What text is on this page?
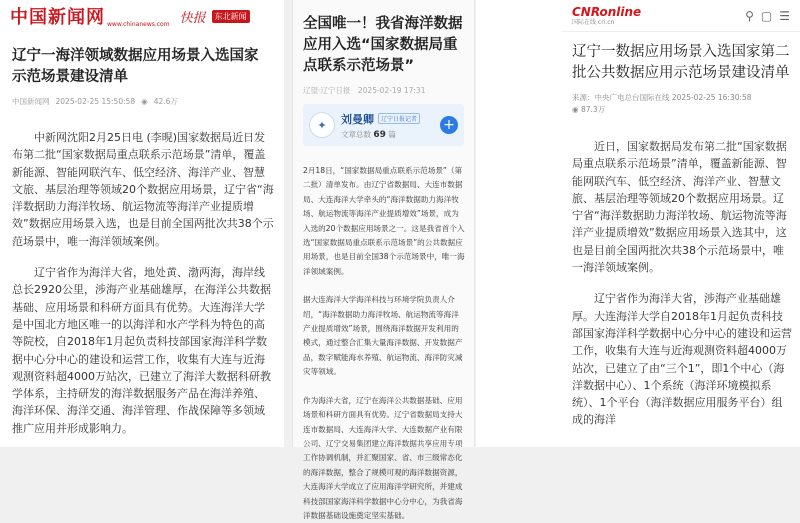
中国新闻网 www.chinanews.com 快报	东北新闻
辽宁一海洋领域数据应用场景入选国家示范场景建设清单
中国新闻网 2025-02-25 15:50:58 ◉ 42.6万

中新网沈阳2月25日电 (李晛)国家数据局近日发布第二批“国家数据局重点联系示范场景”清单，覆盖新能源、智能网联汽车、低空经济、海洋产业、智慧文旅、基层治理等领域20个数据应用场景，辽宁省“海洋数据助力海洋牧场、航运物流等海洋产业提质增效”数据应用场景入选，也是目前全国两批次共38个示范场景中，唯一海洋领域案例。

辽宁省作为海洋大省，地处黄、渤两海，海岸线总长2920公里，涉海产业基础雄厚，在海洋公共数据基础、应用场景和科研方面具有优势。大连海洋大学是中国北方地区唯一的以海洋和水产学科为特色的高等院校，自2018年1月起负责科技部国家海洋科学数据中心分中心的建设和运营工作，收集有大连与近海观测资料超4000万站次，已建立了海洋大数据科研教学体系，主持研发的海洋数据服务产品在海洋养殖、海洋环保、海洋交通、海洋管理、作战保障等多领域推广应用并形成影响力。

全国唯一！我省海洋数据应用入选“国家数据局重点联系示范场景”
辽望·辽宁日报　2025-02-19 17:31
✦	刘曼卿	辽宁日报记者
文章总数 69 篇
+

2月18日，“国家数据局重点联系示范场景”（第二批）清单发布。由辽宁省数据局、大连市数据局、大连海洋大学牵头的“海洋数据助力海洋牧场、航运物流等海洋产业提质增效”场景，成为入选的20个数据应用场景之一。这是我省首个入选“国家数据局重点联系示范场景”的公共数据应用场景，也是目前全国38个示范场景中，唯一海洋领域案例。

据大连海洋大学海洋科技与环境学院负责人介绍，“海洋数据助力海洋牧场、航运物流等海洋产业提质增效”场景，围绕海洋数据开发利用的模式，通过整合汇集大量海洋数据、开发数据产品，数字赋能海水养殖、航运物流、海洋防灾减灾等领域。

作为海洋大省，辽宁在海洋公共数据基础、应用场景和科研方面具有优势。辽宁省数据局支持大连市数据局、大连海洋大学、大连数据产业有限公司、辽宁交易集团建立海洋数据共享应用专项工作协调机制，并汇聚国家、省、市三级常态化的海洋数据，整合了规模可观的海洋数据资源，大连海洋大学成立了应用海洋学研究所，并建成科技部国家海洋科学数据中心分中心，为我省海洋数据基础设施奠定坚实基础。

CNRonline
国际在线 cri.cn	⚲ ▢ ☰
辽宁一数据应用场景入选国家第二批公共数据应用示范场景建设清单
来源：中央广电总台国际在线 2025-02-25 16:30:58
◉ 87.3万

近日，国家数据局发布第二批“国家数据局重点联系示范场景”清单，覆盖新能源、智能网联汽车、低空经济、海洋产业、智慧文旅、基层治理等领域20个数据应用场景。辽宁省“海洋数据助力海洋牧场、航运物流等海洋产业提质增效”数据应用场景入选其中，这也是目前全国两批次共38个示范场景中，唯一海洋领域案例。

辽宁省作为海洋大省，涉海产业基础雄厚。大连海洋大学自2018年1月起负责科技部国家海洋科学数据中心分中心的建设和运营工作，收集有大连与近海观测资料超4000万站次，已建立了由“三个1”，即1个中心（海洋数据中心）、1个系统（海洋环境模拟系统）、1个平台（海洋数据应用服务平台）组成的海洋
